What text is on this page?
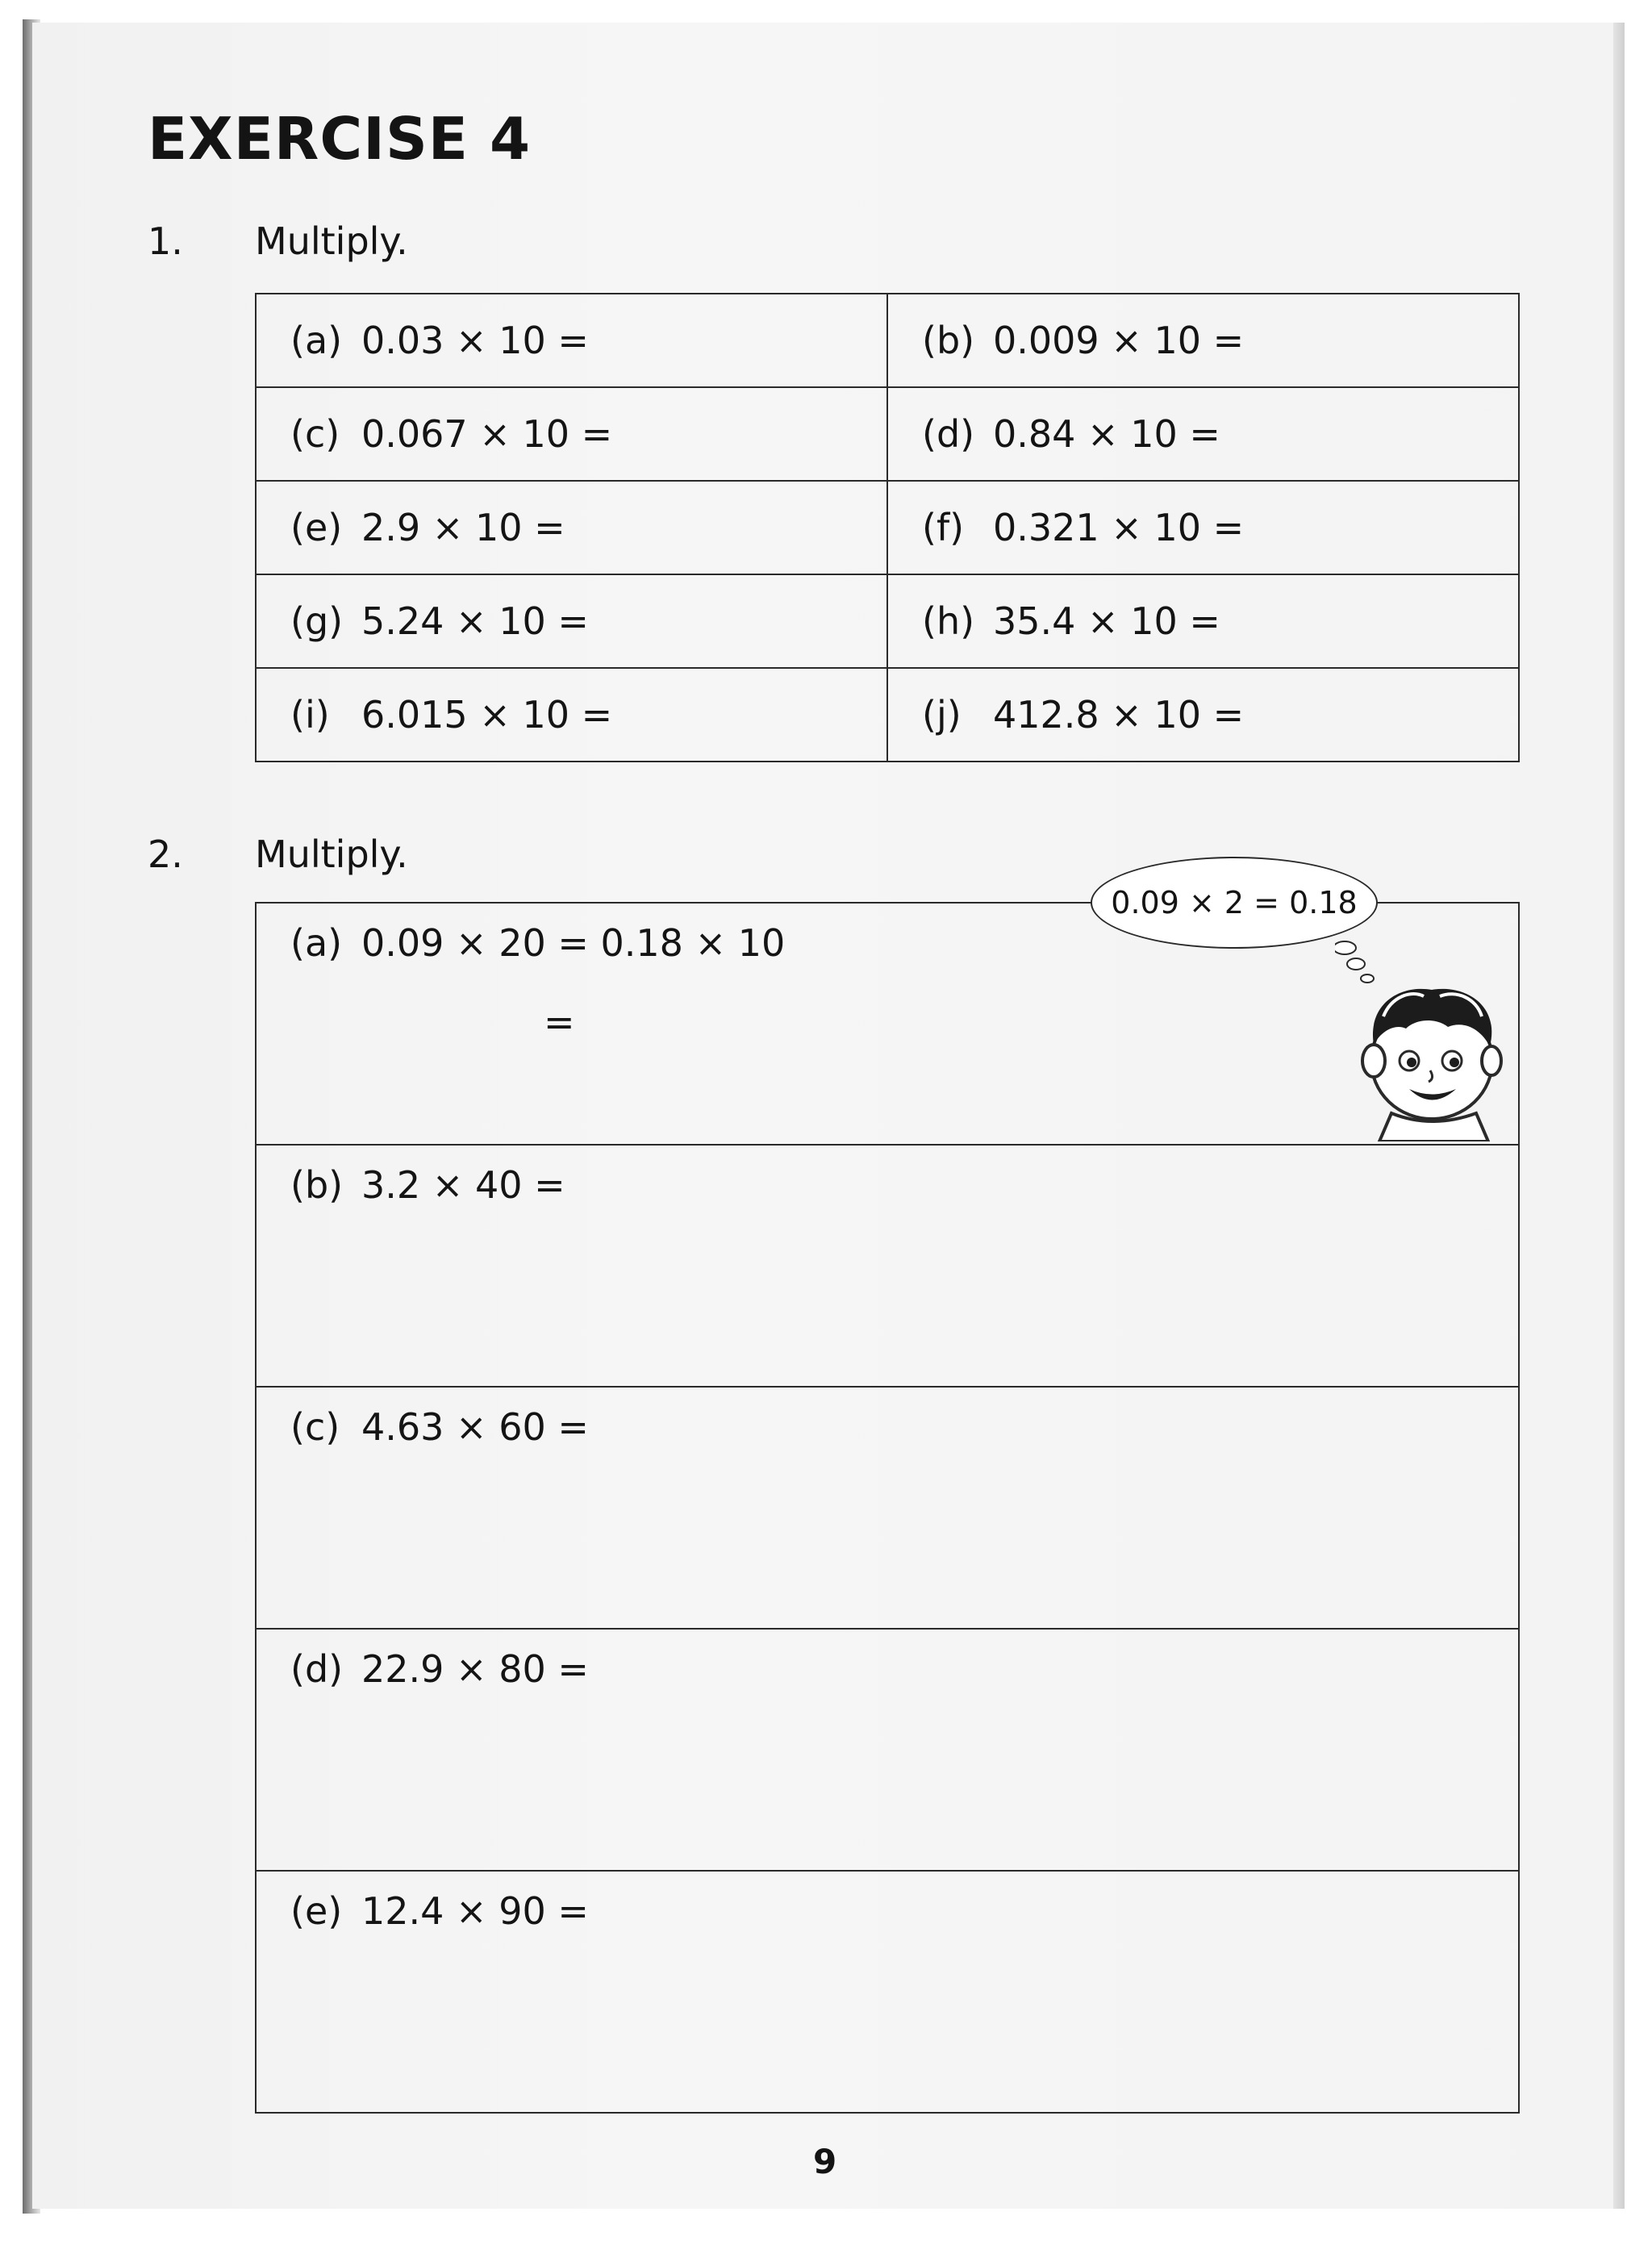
EXERCISE 4
1. Multiply.
(a) 0.03 × 10 =	(b) 0.009 × 10 =
(c) 0.067 × 10 =	(d) 0.84 × 10 =
(e) 2.9 × 10 =	(f) 0.321 × 10 =
(g) 5.24 × 10 =	(h) 35.4 × 10 =
(i) 6.015 × 10 =	(j) 412.8 × 10 =
2. Multiply.
(a) 0.09 × 20 = 0.18 × 10
=

(b) 3.2 × 40 =
(c) 4.63 × 60 =
(d) 22.9 × 80 =
(e) 12.4 × 90 =
0.09 × 2 = 0.18
9
